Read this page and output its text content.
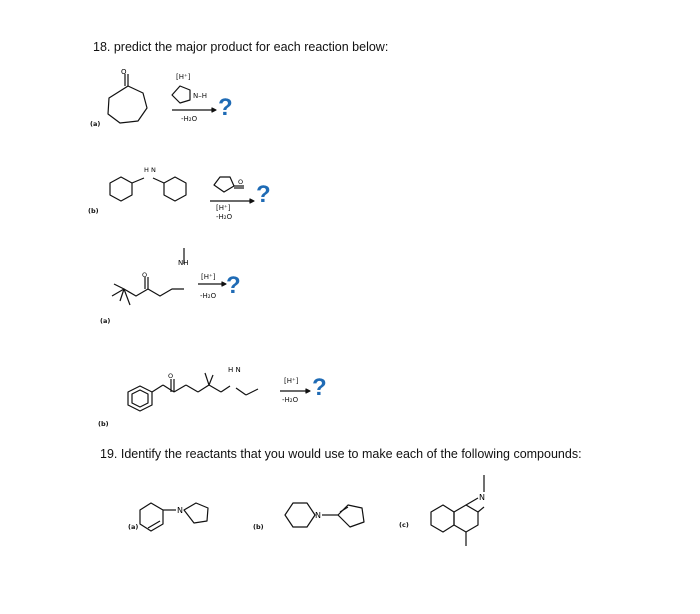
18. predict the major product for each reaction below:
19. Identify the reactants that you would use to make each of the following compounds:
(a)
(b)
(a)
(b)
(a)	(b)	(c)
[H⁺]
N–H
-H₂O
[H⁺]
-H₂O
[H⁺]
-H₂O
[H⁺]
-H₂O
?
?
?
?
O
H N
O
NH
O
O
H N
N
N
N
